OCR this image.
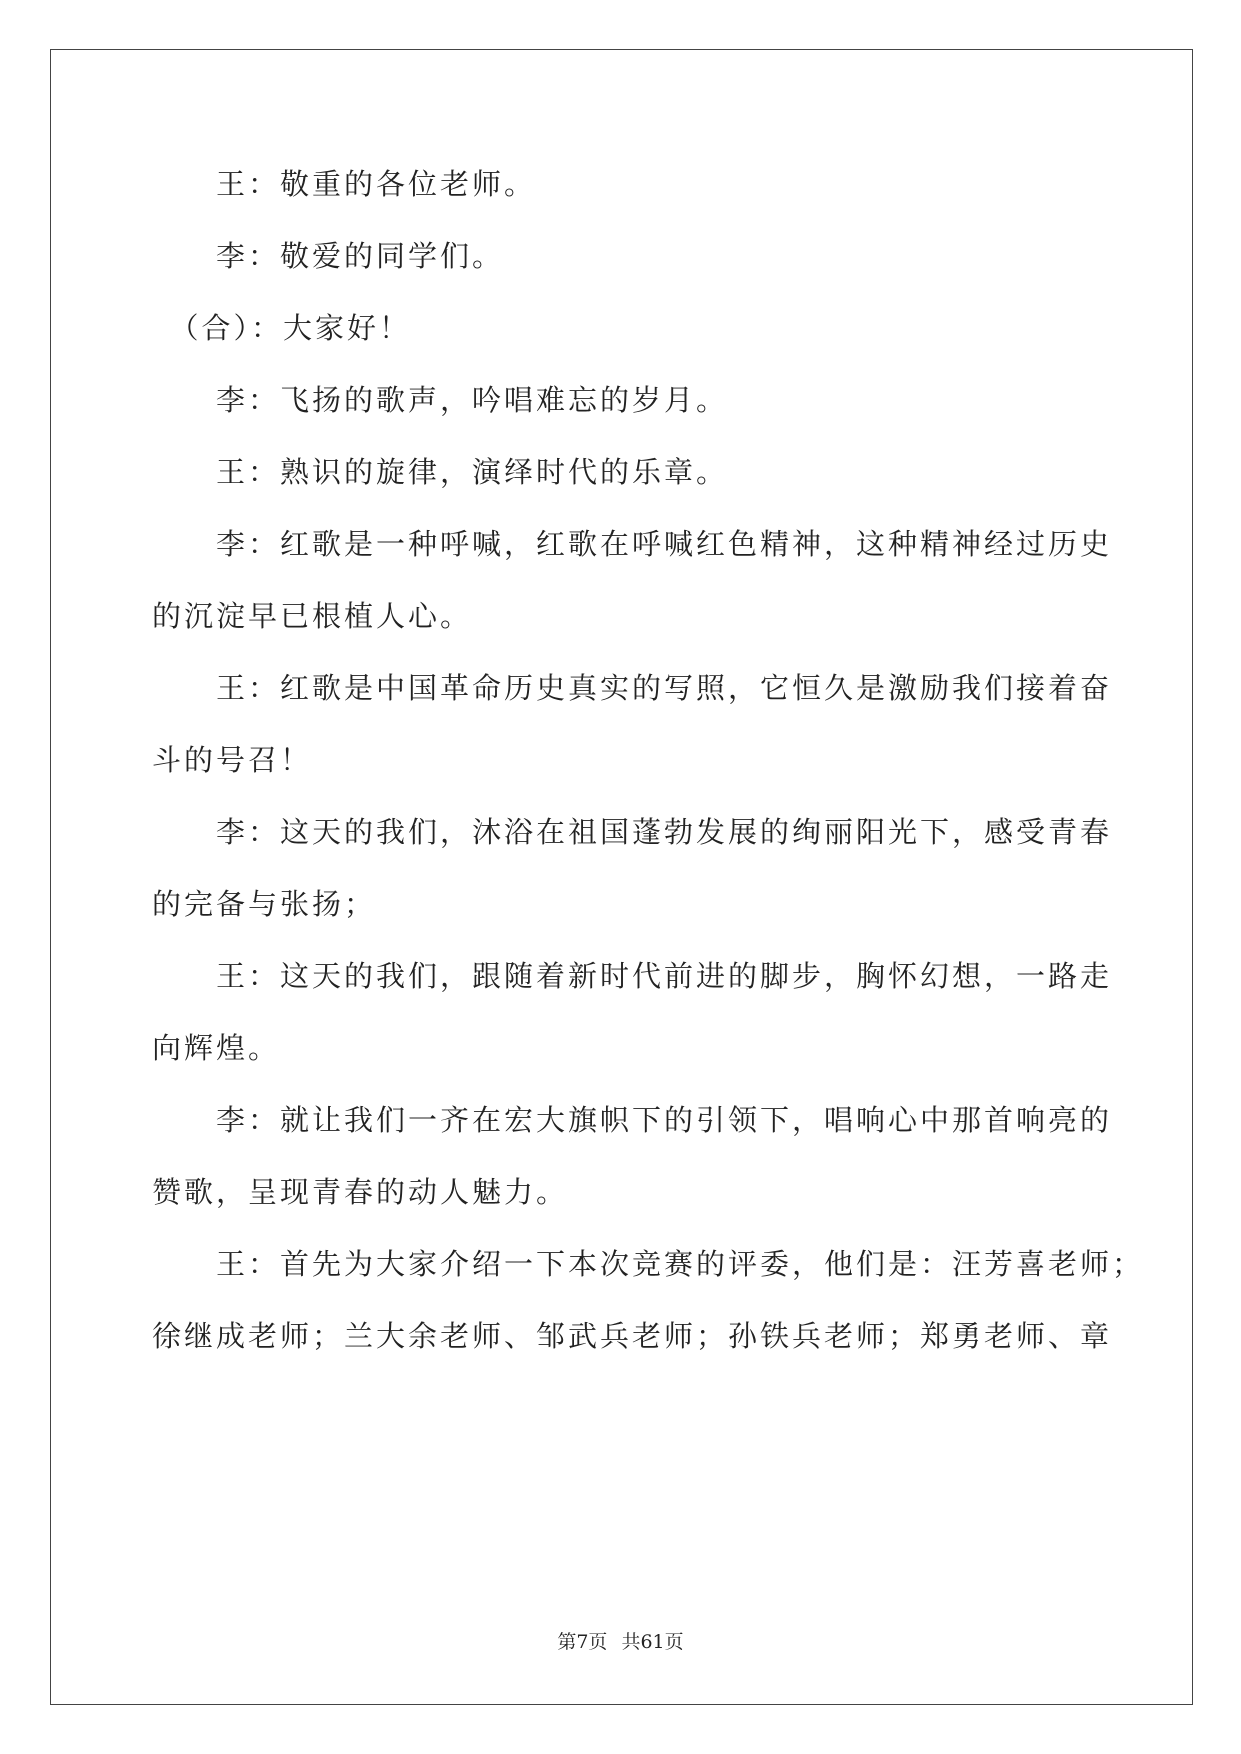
　　王：敬重的各位老师。
　　李：敬爱的同学们。
　（合）：大家好！
　　李：飞扬的歌声，吟唱难忘的岁月。
　　王：熟识的旋律，演绎时代的乐章。
　　李：红歌是一种呼喊，红歌在呼喊红色精神，这种精神经过历史
的沉淀早已根植人心。
　　王：红歌是中国革命历史真实的写照，它恒久是激励我们接着奋
斗的号召！
　　李：这天的我们，沐浴在祖国蓬勃发展的绚丽阳光下，感受青春
的完备与张扬；
　　王：这天的我们，跟随着新时代前进的脚步，胸怀幻想，一路走
向辉煌。
　　李：就让我们一齐在宏大旗帜下的引领下，唱响心中那首响亮的
赞歌，呈现青春的动人魅力。
　　王：首先为大家介绍一下本次竞赛的评委，他们是：汪芳喜老师；
徐继成老师；兰大余老师、邹武兵老师；孙铁兵老师；郑勇老师、章
第7页 共61页
